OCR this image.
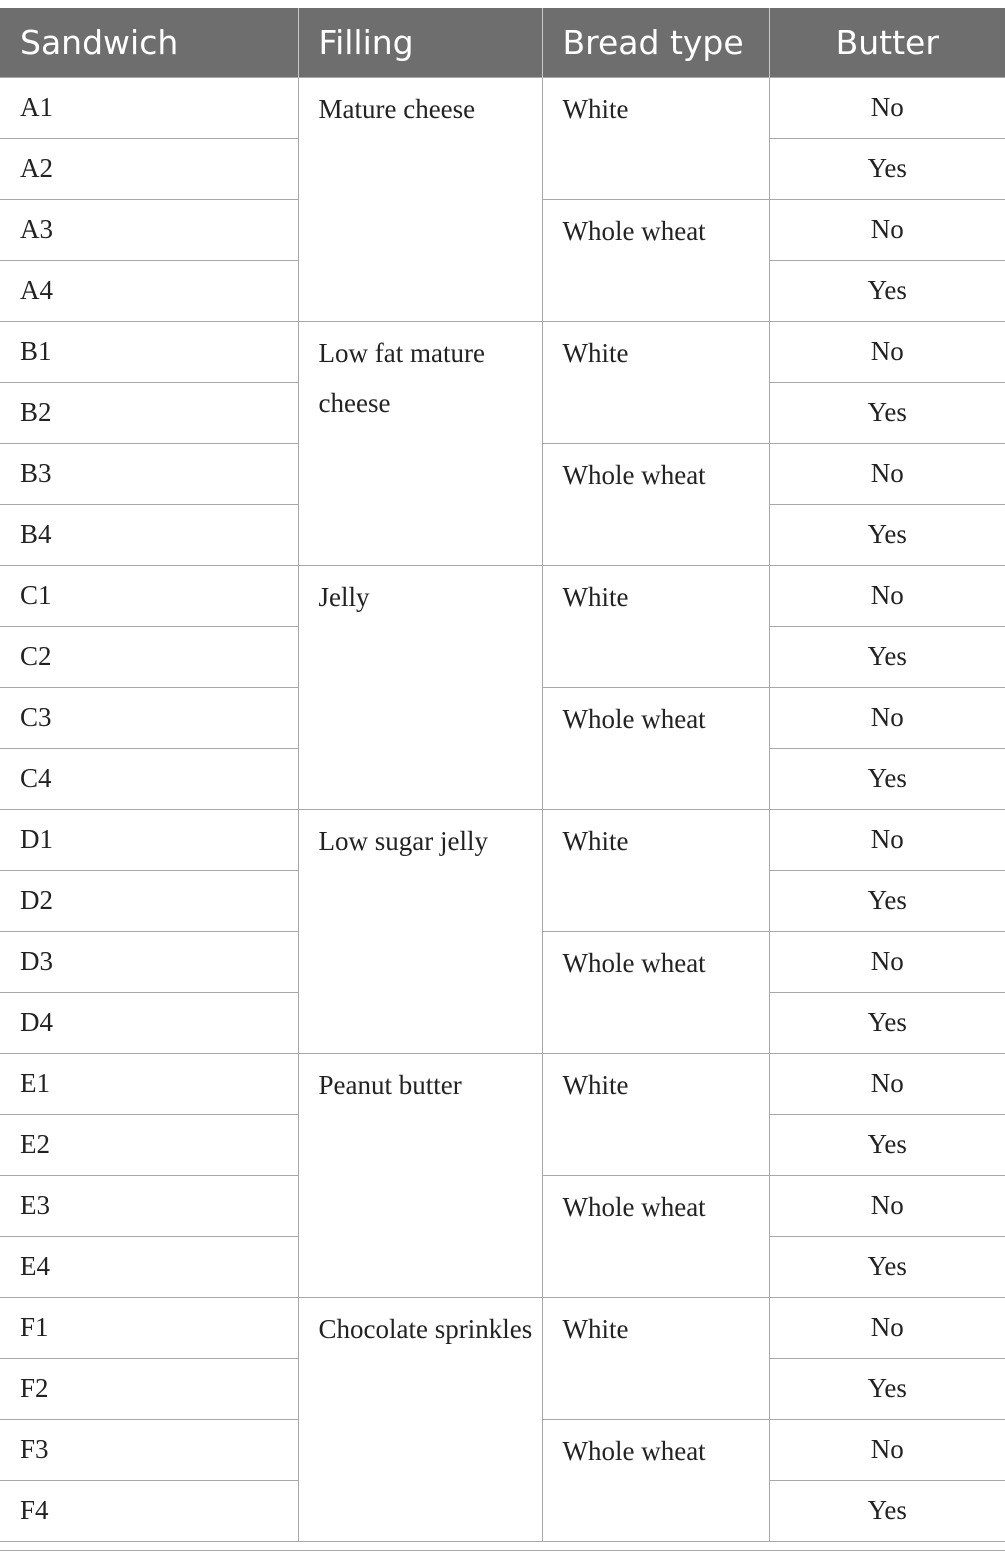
Sandwich	Filling	Bread type	Butter
A1	Mature cheese	White	No
A2			Yes
A3		Whole wheat	No
A4			Yes
B1	Low fat mature cheese	White	No
B2			Yes
B3		Whole wheat	No
B4			Yes
C1	Jelly	White	No
C2			Yes
C3		Whole wheat	No
C4			Yes
D1	Low sugar jelly	White	No
D2			Yes
D3		Whole wheat	No
D4			Yes
E1	Peanut butter	White	No
E2			Yes
E3		Whole wheat	No
E4			Yes
F1	Chocolate sprinkles	White	No
F2			Yes
F3		Whole wheat	No
F4			Yes
